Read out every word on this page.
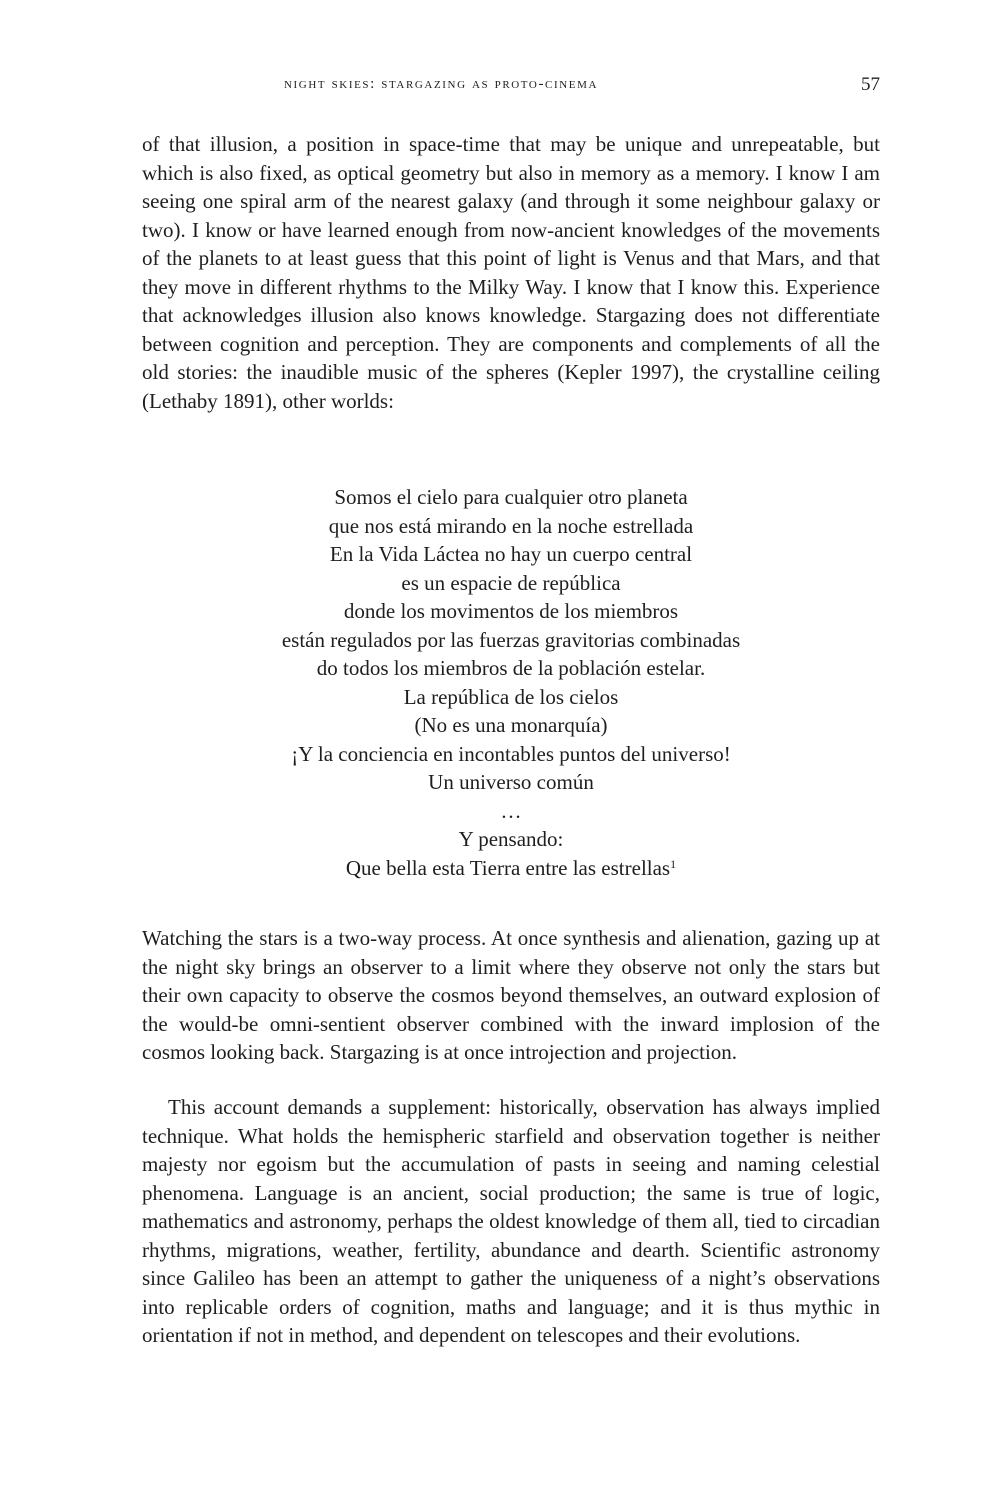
night skies: stargazing as proto-cinema	57

of that illusion, a position in space-time that may be unique and unrepeatable, but which is also fixed, as optical geometry but also in memory as a memory. I know I am seeing one spiral arm of the nearest galaxy (and through it some neighbour galaxy or two). I know or have learned enough from now-ancient knowledges of the movements of the planets to at least guess that this point of light is Venus and that Mars, and that they move in different rhythms to the Milky Way. I know that I know this. Experience that acknowledges illusion also knows knowledge. Stargazing does not differentiate between cognition and perception. They are components and complements of all the old stories: the inaudible music of the spheres (Kepler 1997), the crystalline ceiling (Lethaby 1891), other worlds:

Somos el cielo para cualquier otro planeta
que nos está mirando en la noche estrellada
En la Vida Láctea no hay un cuerpo central
es un espacie de república
donde los movimentos de los miembros
están regulados por las fuerzas gravitorias combinadas
do todos los miembros de la población estelar.
La república de los cielos
(No es una monarquía)
¡Y la conciencia en incontables puntos del universo!
Un universo común
…
Y pensando:
Que bella esta Tierra entre las estrellas$^1$

Watching the stars is a two-way process. At once synthesis and alienation, gazing up at the night sky brings an observer to a limit where they observe not only the stars but their own capacity to observe the cosmos beyond themselves, an outward explosion of the would-be omni-sentient observer combined with the inward implosion of the cosmos looking back. Stargazing is at once introjection and projection.

This account demands a supplement: historically, observation has always implied technique. What holds the hemispheric starfield and observation together is neither majesty nor egoism but the accumulation of pasts in seeing and naming celestial phenomena. Language is an ancient, social production; the same is true of logic, mathematics and astronomy, perhaps the oldest knowledge of them all, tied to circadian rhythms, migrations, weather, fertility, abundance and dearth. Scientific astronomy since Galileo has been an attempt to gather the uniqueness of a night’s observations into replicable orders of cognition, maths and language; and it is thus mythic in orientation if not in method, and dependent on telescopes and their evolutions.
